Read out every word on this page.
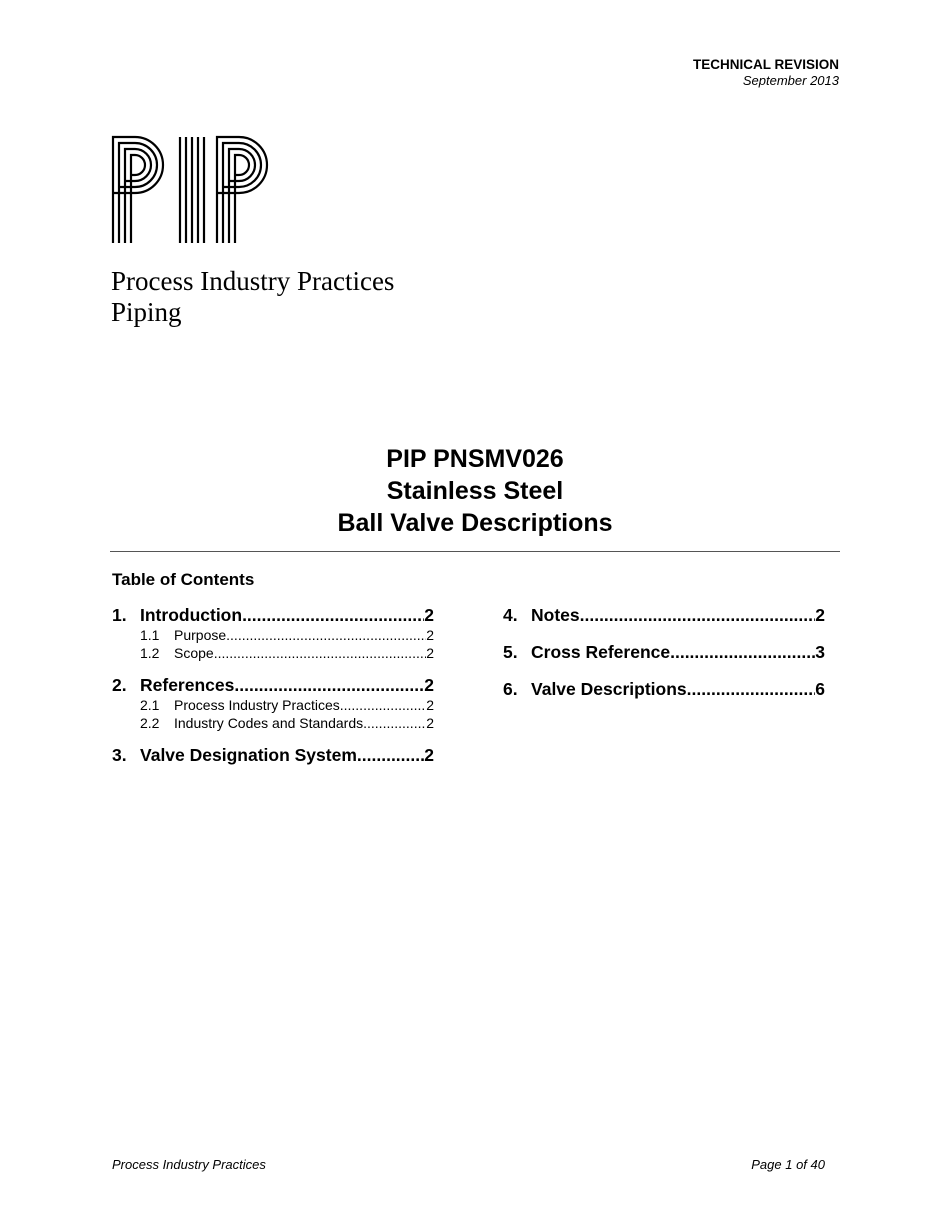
TECHNICAL REVISION
September 2013
Process Industry Practices
Piping
PIP PNSMV026
Stainless Steel
Ball Valve Descriptions
Table of Contents
1. Introduction .....	2
1.1	Purpose .....	2
1.2	Scope .....	2
2. References .....	2
2.1	Process Industry Practices .....	2
2.2	Industry Codes and Standards .....	2
3. Valve Designation System .....	2
4. Notes .....	2
5. Cross Reference .....	3
6. Valve Descriptions .....	6
Process Industry Practices	Page 1 of 40
